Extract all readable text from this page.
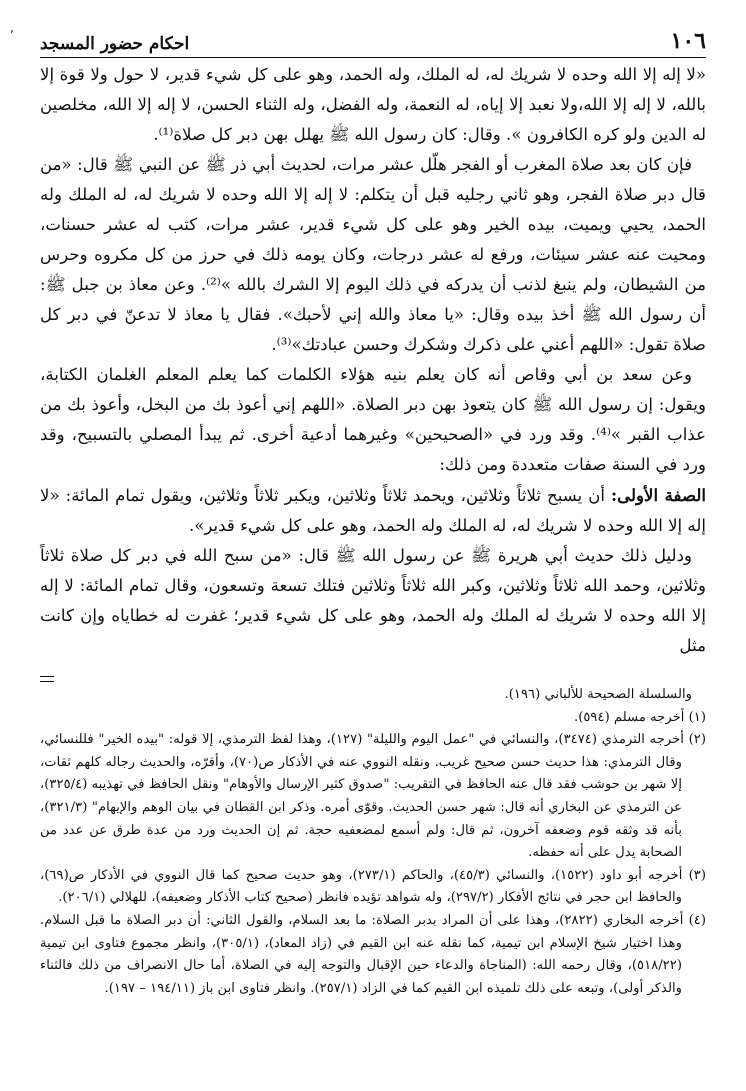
٬	١٠٦
احكام حضور المسجد

«لا إله إلا الله وحده لا شريك له، له الملك، وله الحمد، وهو على كل شيء قدير، لا حول ولا قوة إلا بالله، لا إله إلا الله،ولا نعبد إلا إياه، له النعمة، وله الفضل، وله الثناء الحسن، لا إله إلا الله، مخلصين له الدين ولو كره الكافرون ». وقال: كان رسول الله ﷺ يهلل بهن دبر كل صلاة⁽¹⁾.

فإن كان بعد صلاة المغرب أو الفجر هلّل عشر مرات، لحديث أبي ذر ﷺ عن النبي ﷺ قال: «من قال دبر صلاة الفجر، وهو ثاني رجليه قبل أن يتكلم: لا إله إلا الله وحده لا شريك له، له الملك وله الحمد، يحيي ويميت، بيده الخير وهو على كل شيء قدير، عشر مرات، كتب له عشر حسنات، ومحيت عنه عشر سيئات، ورفع له عشر درجات، وكان يومه ذلك في حرز من كل مكروه وحرس من الشيطان، ولم ينبغ لذنب أن يدركه في ذلك اليوم إلا الشرك بالله »⁽²⁾. وعن معاذ بن جبل ﷺ: أن رسول الله ﷺ أخذ بيده وقال: «يا معاذ والله إني لأحبك». فقال يا معاذ لا تدعنّ في دبر كل صلاة تقول: «اللهم أعني على ذكرك وشكرك وحسن عبادتك»⁽³⁾.

وعن سعد بن أبي وقاص أنه كان يعلم بنيه هؤلاء الكلمات كما يعلم المعلم الغلمان الكتابة، ويقول: إن رسول الله ﷺ كان يتعوذ بهن دبر الصلاة. «اللهم إني أعوذ بك من البخل، وأعوذ بك من عذاب القبر »⁽⁴⁾. وقد ورد في «الصحيحين» وغيرهما أدعية أخرى. ثم يبدأ المصلي بالتسبيح، وقد ورد في السنة صفات متعددة ومن ذلك:

الصفة الأولى: أن يسبح ثلاثاً وثلاثين، ويحمد ثلاثاً وثلاثين، ويكبر ثلاثاً وثلاثين، ويقول تمام المائة: «لا إله إلا الله وحده لا شريك له، له الملك وله الحمد، وهو على كل شيء قدير».

ودليل ذلك حديث أبي هريرة ﷺ عن رسول الله ﷺ قال: «من سبح الله في دبر كل صلاة ثلاثاً وثلاثين، وحمد الله ثلاثاً وثلاثين، وكبر الله ثلاثاً وثلاثين فتلك تسعة وتسعون، وقال تمام المائة: لا إله إلا الله وحده لا شريك له الملك وله الحمد، وهو على كل شيء قدير؛ غفرت له خطاياه وإن كانت مثل

والسلسلة الصحيحة للألباني (١٩٦).

(١) أخرجه مسلم (٥٩٤).

(٢) أخرجه الترمذي (٣٤٧٤)، والنسائي في "عمل اليوم والليلة" (١٢٧)، وهذا لفظ الترمذي، إلا قوله: "بيده الخير" فللنسائي، وقال الترمذي: هذا حديث حسن صحيح غريب. ونقله النووي عنه في الأذكار ص(٧٠)، وأقرّه، والحديث رجاله كلهم ثقات، إلا شهر بن حوشب فقد قال عنه الحافظ في التقريب: "صدوق كثير الإرسال والأوهام" ونقل الحافظ في تهذيبه (٣٢٥/٤)، عن الترمذي عن البخاري أنه قال: شهر حسن الحديث. وقوّى أمره. وذكر ابن القطان في بيان الوهم والإيهام" (٣٢١/٣)، بأنه قد وثقه قوم وضعفه آخرون، ثم قال: ولم أسمع لمضعفيه حجة. ثم إن الحديث ورد من عدة طرق عن عدد من الصحابة يدل على أنه حفظه.

(٣) أخرجه أبو داود (١٥٢٢)، والنسائي (٤٥/٣)، والحاكم (٢٧٣/١)، وهو حديث صحيح كما قال النووي في الأذكار ص(٦٩)، والحافظ ابن حجر في نتائج الأفكار (٢٩٧/٢)، وله شواهد تؤيده فانظر (صحيح كتاب الأذكار وضعيفه)، للهلالي (٢٠٦/١).

(٤) أخرجه البخاري (٢٨٢٢)، وهذا على أن المراد بدبر الصلاة: ما بعد السلام، والقول الثاني: أن دبر الصلاة ما قبل السلام. وهذا اختيار شيخ الإسلام ابن تيمية، كما نقله عنه ابن القيم في (زاد المعاد)، (٣٠٥/١)، وانظر مجموع فتاوى ابن تيمية (٥١٨/٢٢)، وقال رحمه الله: (المناجاة والدعاء حين الإقبال والتوجه إليه في الصلاة، أما حال الانصراف من ذلك فالثناء والذكر أولى)، وتبعه على ذلك تلميذه ابن القيم كما في الزاد (٢٥٧/١). وانظر فتاوى ابن باز (١٩٤/١١ – ١٩٧).
